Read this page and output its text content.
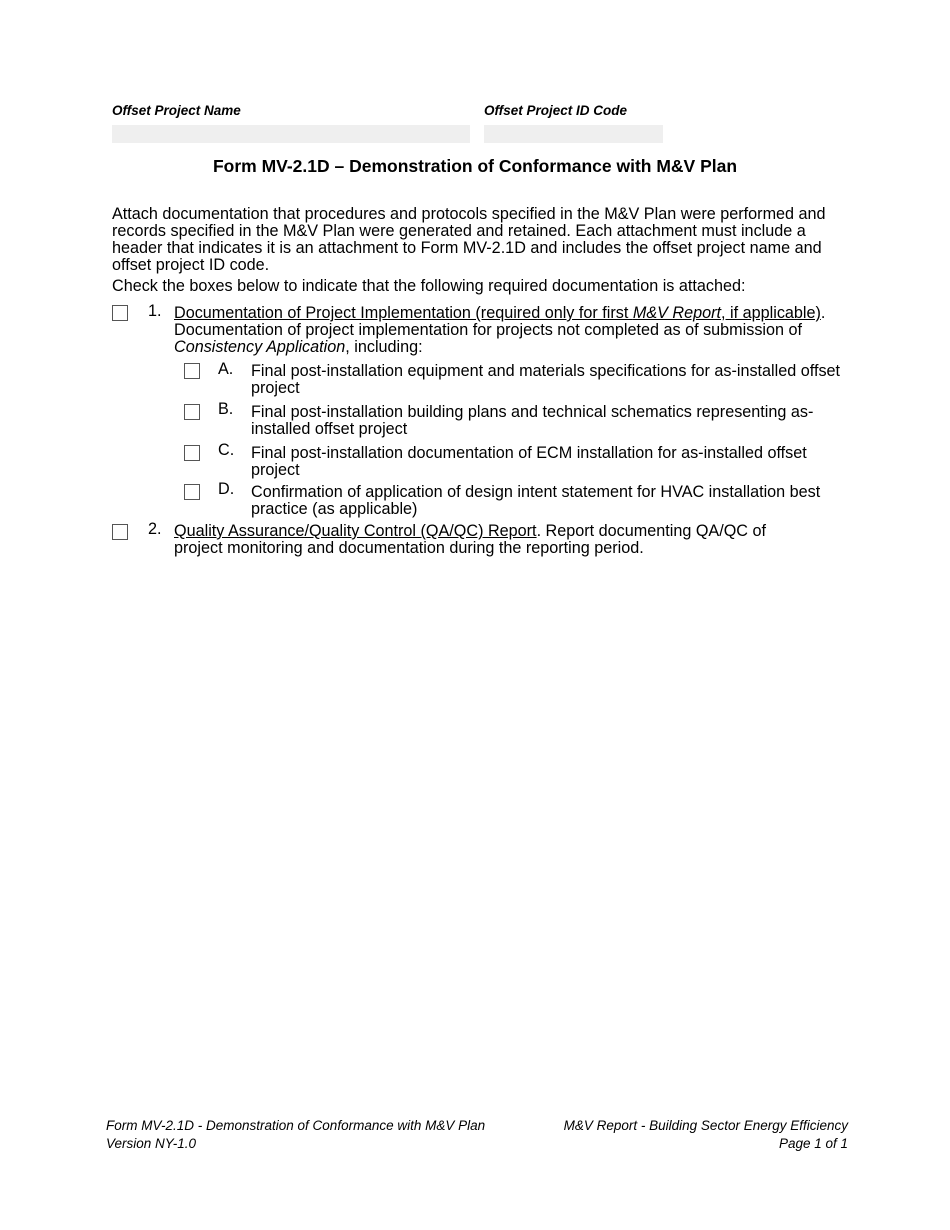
Offset Project Name	Offset Project ID Code
Form MV-2.1D – Demonstration of Conformance with M&V Plan
Attach documentation that procedures and protocols specified in the M&V Plan were performed and records specified in the M&V Plan were generated and retained. Each attachment must include a header that indicates it is an attachment to Form MV-2.1D and includes the offset project name and offset project ID code.
Check the boxes below to indicate that the following required documentation is attached:
1. Documentation of Project Implementation (required only for first M&V Report, if applicable). Documentation of project implementation for projects not completed as of submission of Consistency Application, including:
A. Final post-installation equipment and materials specifications for as-installed offset project
B. Final post-installation building plans and technical schematics representing as-installed offset project
C. Final post-installation documentation of ECM installation for as-installed offset project
D. Confirmation of application of design intent statement for HVAC installation best practice (as applicable)
2. Quality Assurance/Quality Control (QA/QC) Report. Report documenting QA/QC of project monitoring and documentation during the reporting period.
Form MV-2.1D - Demonstration of Conformance with M&V Plan
Version NY-1.0
M&V Report - Building Sector Energy Efficiency
Page 1 of 1
